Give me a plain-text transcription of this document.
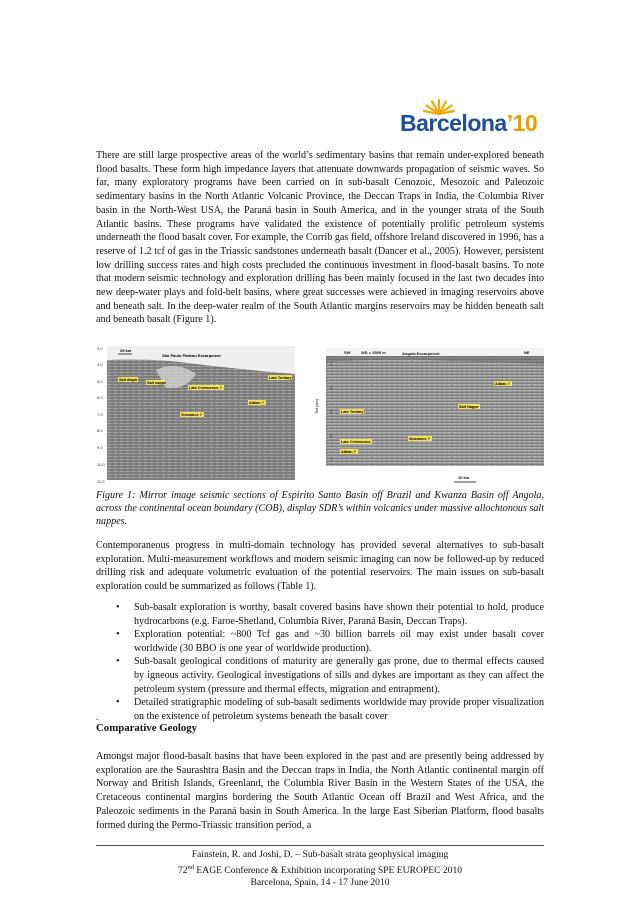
Barcelona’10

There are still large prospective areas of the world’s sedimentary basins that remain under-explored beneath flood basalts. These form high impedance layers that attenuate downwards propagation of seismic waves. So far, many exploratory programs have been carried on in sub-basalt Cenozoic, Mesozoic and Paleozoic sedimentary basins in the North Atlantic Volcanic Province, the Deccan Traps in India, the Columbia River basin in the North-West USA, the Paraná basin in South America, and in the younger strata of the South Atlantic basins. These programs have validated the existence of potentially prolific petroleum systems underneath the flood basalt cover. For example, the Corrib gas field, offshore Ireland discovered in 1996, has a reserve of 1.2 tcf of gas in the Triassic sandstones underneath basalt (Dancer et al., 2005). However, persistent low drilling success rates and high costs precluded the continuous investment in flood-basalt basins. To note that modern seismic technology and exploration drilling has been mainly focused in the last two decades into new deep-water plays and fold-belt basins, where great successes were achieved in imaging reservoirs above and beneath salt. In the deep-water realm of the South Atlantic margins reservoirs may be hidden beneath salt and beneath basalt (Figure 1).

3.0
4.0
5.0
6.0
7.0
8.0
9.0
10.0
11.0
25 km
São Paulo Plateau Escarpment
Salt diapir
Salt nappe
Late Tertiary
Late Cretaceous ?
Albian ?
Volcanics ?
SW	WD = 2500 m	Angola Escarpment	NE
Twt (sec)
3
4
5
6
7
10 km
Albian ?
Late Tertiary
Salt Nappe
Late Cretaceous
Albian ?
Volcanics ?

Figure 1: Mirror image seismic sections of Espirito Santo Basin off Brazil and Kwanza Basin off Angola, across the continental ocean boundary (COB), display SDR’s within volcanics under massive allochtonous salt nappes.

Contemporaneous progress in multi-domain technology has provided several alternatives to sub-basalt exploration. Multi-measurement workflows and modern seismic imaging can now be followed-up by reduced drilling risk and adequate volumetric evaluation of the potential reservoirs. The main issues on sub-basalt exploration could be summarized as follows (Table 1).

• Sub-basalt exploration is worthy, basalt covered basins have shown their potential to hold, produce hydrocarbons (e.g. Faroe-Shetland, Columbia River, Paraná Basin, Deccan Traps).
• Exploration potential: ~800 Tcf gas and ~30 billion barrels oil may exist under basalt cover worldwide (30 BBO is one year of worldwide production).
• Sub-basalt geological conditions of maturity are generally gas prone, due to thermal effects caused by igneous activity. Geological investigations of sills and dykes are important as they can affect the petroleum system (pressure and thermal effects, migration and entrapment).
• Detailed stratigraphic modeling of sub-basalt sediments worldwide may provide proper visualization on the existence of petroleum systems beneath the basalt cover
.
Comparative Geology

Amongst major flood-basalt basins that have been explored in the past and are presently being addressed by exploration are the Saurashtra Basin and the Deccan traps in India, the North Atlantic continental margin off Norway and British Islands, Greenland, the Columbia River Basin in the Western States of the USA, the Cretaceous continental margins bordering the South Atlantic Ocean off Brazil and West Africa, and the Paleozoic sediments in the Paraná basin in South America. In the large East Siberian Platform, flood basalts formed during the Permo-Triassic transition period, a

Fainstein, R. and Joshi, D. – Sub-basalt strata geophysical imaging
72nd EAGE Conference & Exhibition incorporating SPE EUROPEC 2010
Barcelona, Spain, 14 - 17 June 2010
